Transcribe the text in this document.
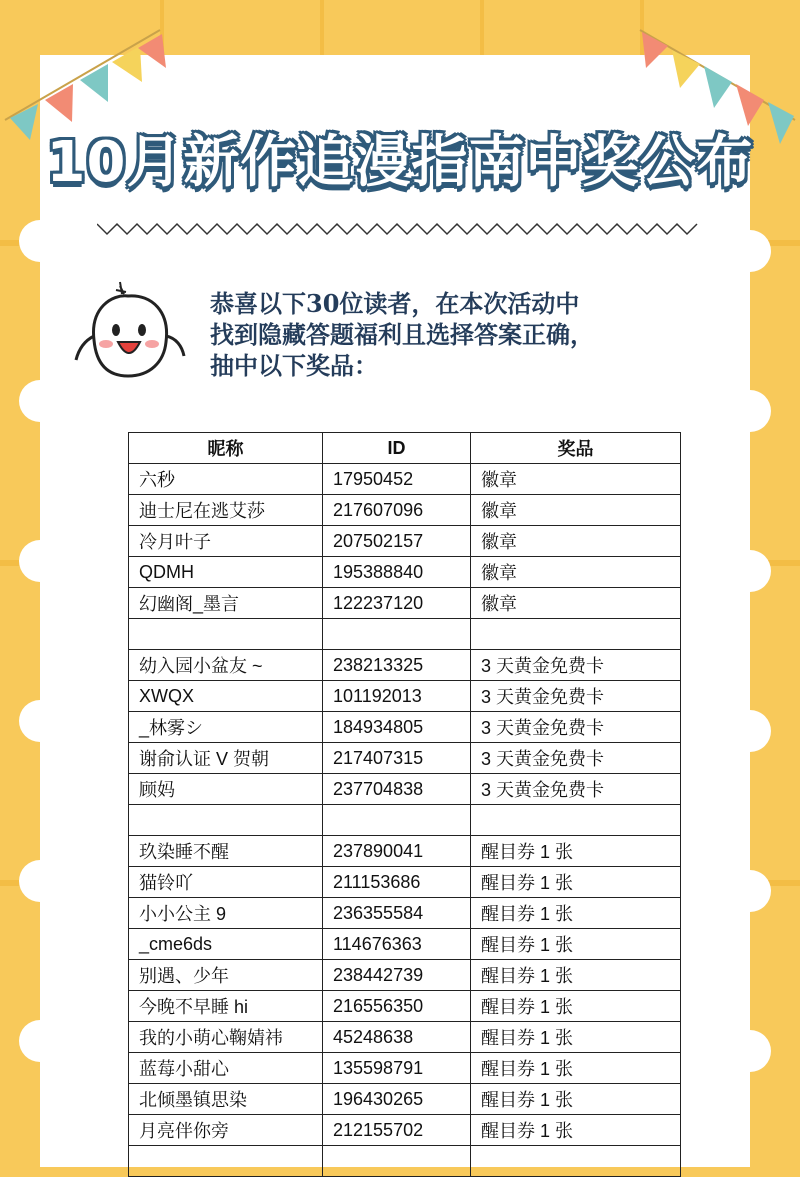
10月新作追漫指南中奖公布
恭喜以下30位读者，在本次活动中
找到隐藏答题福利且选择答案正确，
抽中以下奖品：
昵称	ID	奖品
六秒	17950452	徽章
迪士尼在逃艾莎	217607096	徽章
冷月叶子	207502157	徽章
QDMH	195388840	徽章
幻幽阁_墨言	122237120	徽章

幼入园小盆友 ~	238213325	3 天黄金免费卡
XWQX	101192013	3 天黄金免费卡
_林雾シ	184934805	3 天黄金免费卡
谢俞认证 V 贺朝	217407315	3 天黄金免费卡
顾妈	237704838	3 天黄金免费卡

玖染睡不醒	237890041	醒目券 1 张
猫铃吖	211153686	醒目券 1 张
小小公主 9	236355584	醒目券 1 张
_cme6ds	114676363	醒目券 1 张
别遇、少年	238442739	醒目券 1 张
今晚不早睡 hi	216556350	醒目券 1 张
我的小萌心鞠婧祎	45248638	醒目券 1 张
蓝莓小甜心	135598791	醒目券 1 张
北倾墨镇思染	196430265	醒目券 1 张
月亮伴你旁	212155702	醒目券 1 张
